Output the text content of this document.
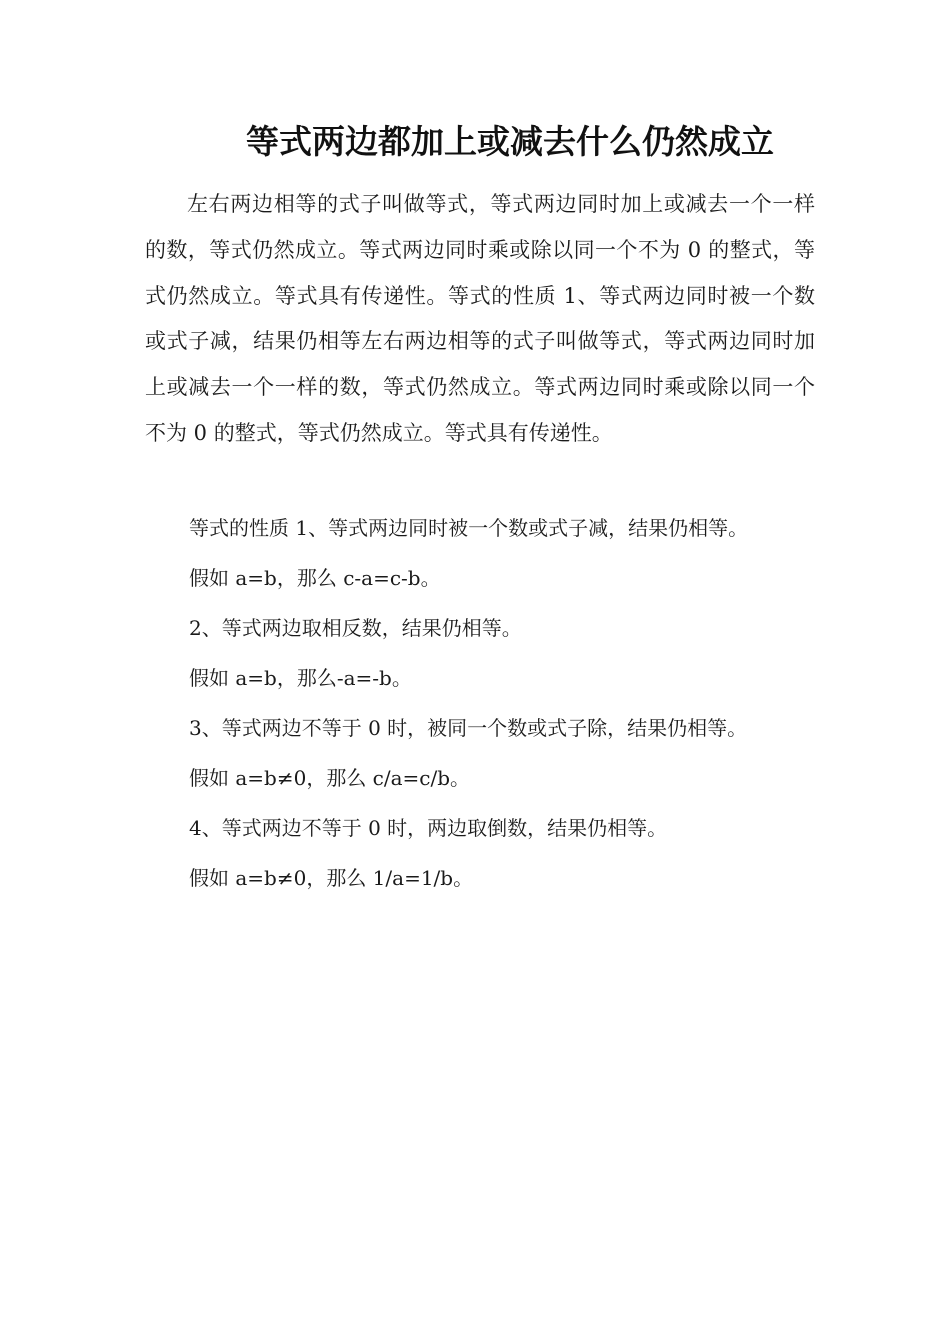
等式两边都加上或减去什么仍然成立

左右两边相等的式子叫做等式，等式两边同时加上或减去一个一样的数，等式仍然成立。等式两边同时乘或除以同一个不为 0 的整式，等式仍然成立。等式具有传递性。等式的性质 1、等式两边同时被一个数或式子减，结果仍相等左右两边相等的式子叫做等式，等式两边同时加上或减去一个一样的数，等式仍然成立。等式两边同时乘或除以同一个不为 0 的整式，等式仍然成立。等式具有传递性。

等式的性质 1、等式两边同时被一个数或式子减，结果仍相等。
假如 a=b，那么 c-a=c-b。
2、等式两边取相反数，结果仍相等。
假如 a=b，那么-a=-b。
3、等式两边不等于 0 时，被同一个数或式子除，结果仍相等。
假如 a=b≠0，那么 c/a=c/b。
4、等式两边不等于 0 时，两边取倒数，结果仍相等。
假如 a=b≠0，那么 1/a=1/b。
